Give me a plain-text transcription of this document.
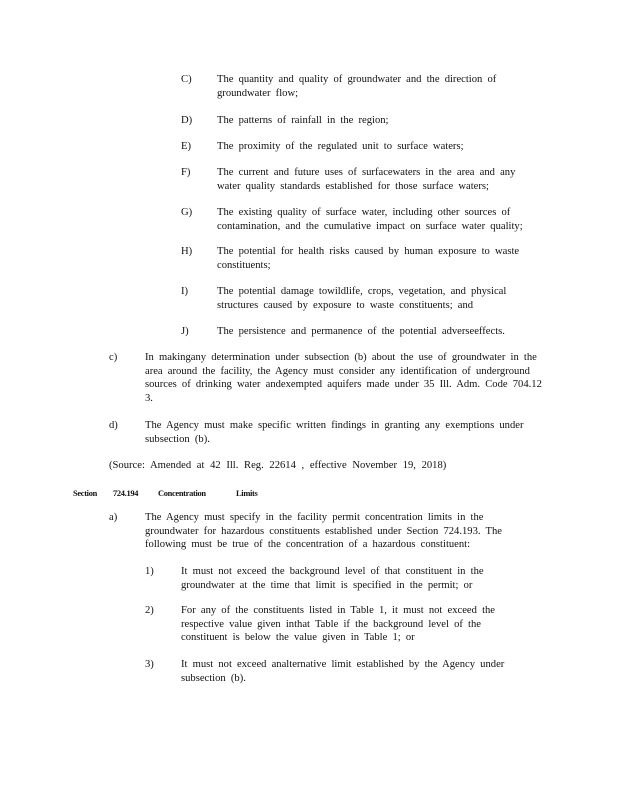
C) The quantity and quality of groundwater and the direction of groundwater flow;
D) The patterns of rainfall in the region;
E) The proximity of the regulated unit to surface waters;
F)	The current and future uses of surfacewaters in the area and any water quality standards established for those surface waters;
G) The existing quality of surface water, including other sources of contamination, and the cumulative impact on surface water quality;
H) The potential for health risks caused by human exposure to waste constituents;
I)	The potential damage towildlife, crops, vegetation, and physical structures caused by exposure to waste constituents; and
J)	The persistence and permanence of the potential adverseeffects.
c)	In makingany determination under subsection (b) about the use of groundwater in the area around the facility, the Agency must consider any identification of underground sources of drinking water andexempted aquifers made under 35 Ill. Adm. Code 704.12 3.
d)	The Agency must make specific written findings in granting any exemptions under subsection (b).
(Source: Amended at 42 Ill. Reg. 22614 , effective November 19, 2018)
Section 724.194 Concentration	Limits
a)	The Agency must specify in the facility permit concentration limits in the groundwater for hazardous constituents established under Section 724.193. The following must be true of the concentration of a hazardous constituent:
1)	It must not exceed the background level of that constituent in the groundwater at the time that limit is specified in the permit; or
2)	For any of the constituents listed in Table 1, it must not exceed the respective value given inthat Table if the background level of the constituent is below the value given in Table 1; or
3)	It must not exceed analternative limit established by the Agency under subsection (b).
